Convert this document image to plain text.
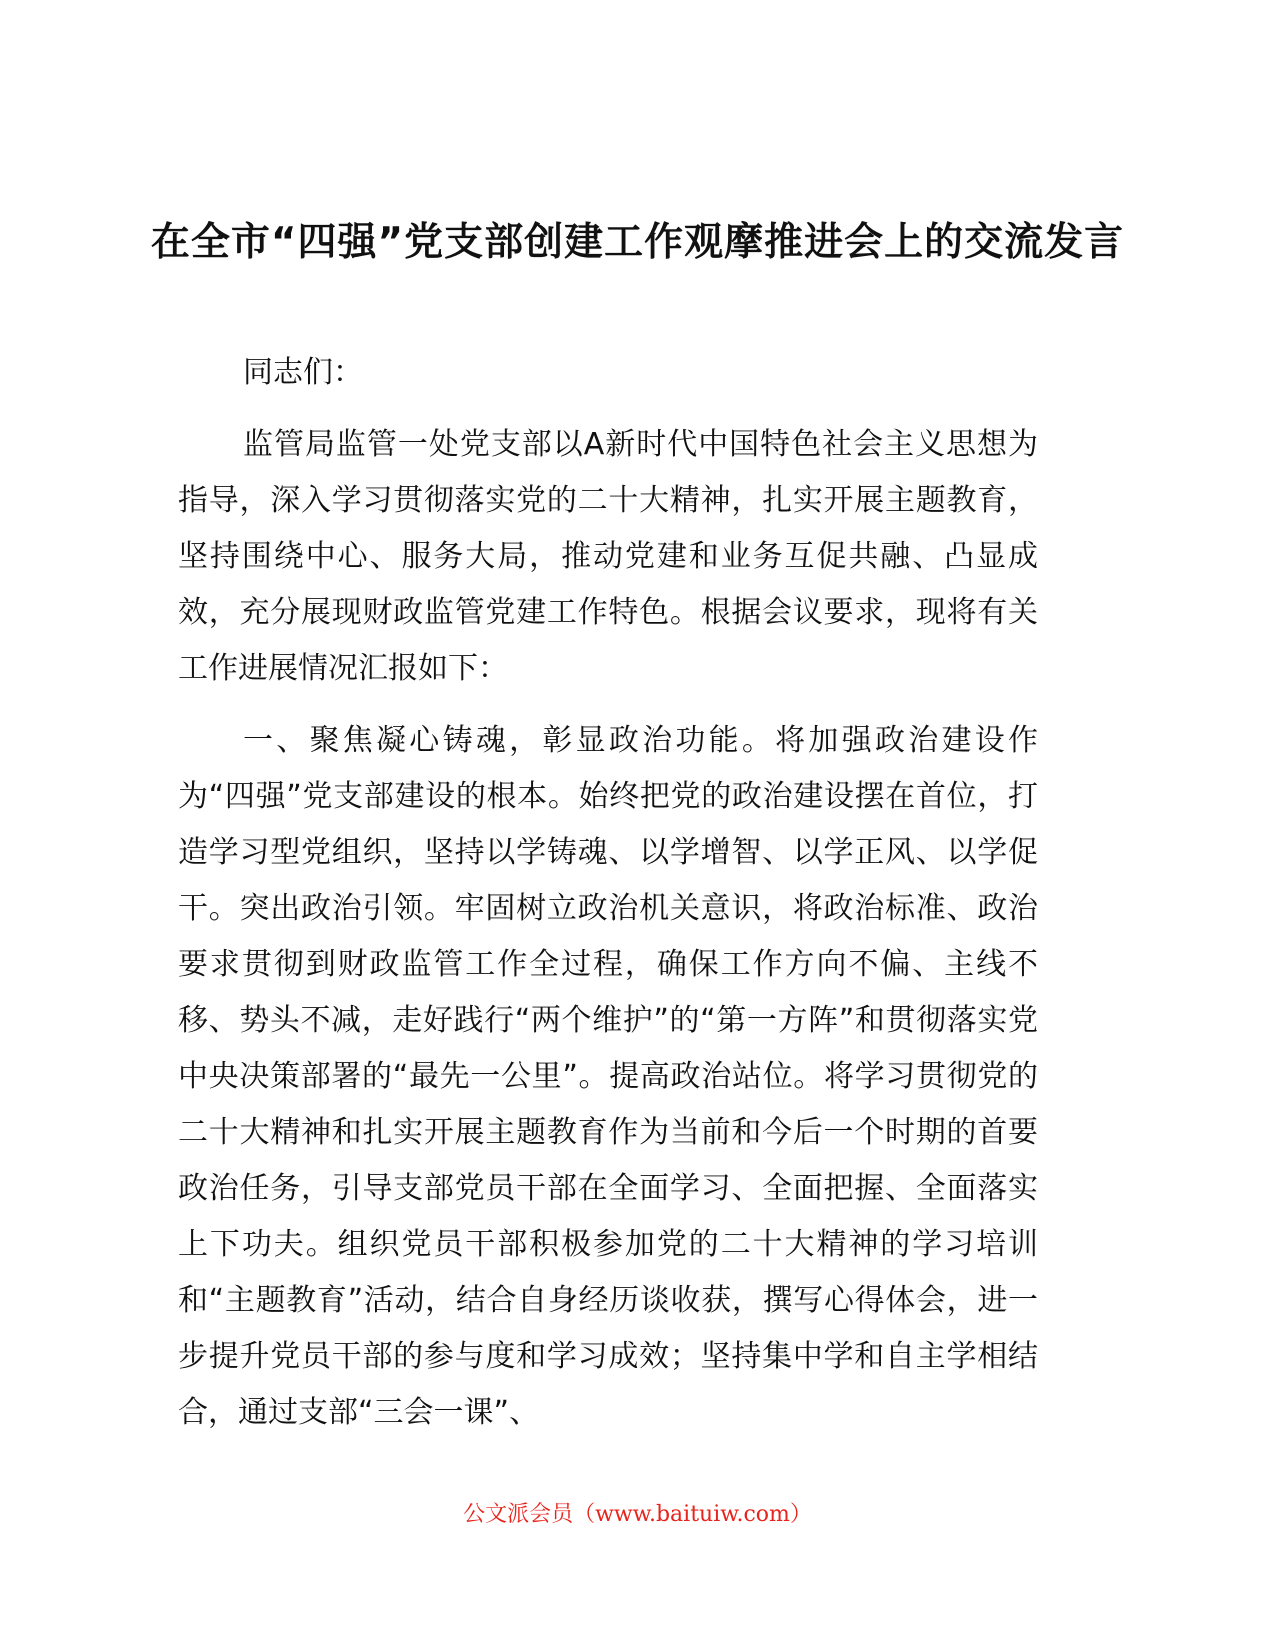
在全市“四强”党支部创建工作观摩推进会上的交流发言

同志们：

监管局监管一处党支部以A新时代中国特色社会主义思想为指导，深入学习贯彻落实党的二十大精神，扎实开展主题教育，坚持围绕中心、服务大局，推动党建和业务互促共融、凸显成效，充分展现财政监管党建工作特色。根据会议要求，现将有关工作进展情况汇报如下：

一、聚焦凝心铸魂，彰显政治功能。将加强政治建设作为“四强”党支部建设的根本。始终把党的政治建设摆在首位，打造学习型党组织，坚持以学铸魂、以学增智、以学正风、以学促干。突出政治引领。牢固树立政治机关意识，将政治标准、政治要求贯彻到财政监管工作全过程，确保工作方向不偏、主线不移、势头不减，走好践行“两个维护”的“第一方阵”和贯彻落实党中央决策部署的“最先一公里”。提高政治站位。将学习贯彻党的二十大精神和扎实开展主题教育作为当前和今后一个时期的首要政治任务，引导支部党员干部在全面学习、全面把握、全面落实上下功夫。组织党员干部积极参加党的二十大精神的学习培训和“主题教育”活动，结合自身经历谈收获，撰写心得体会，进一步提升党员干部的参与度和学习成效；坚持集中学和自主学相结合，通过支部“三会一课”、

公文派会员（www.baituiw.com）
